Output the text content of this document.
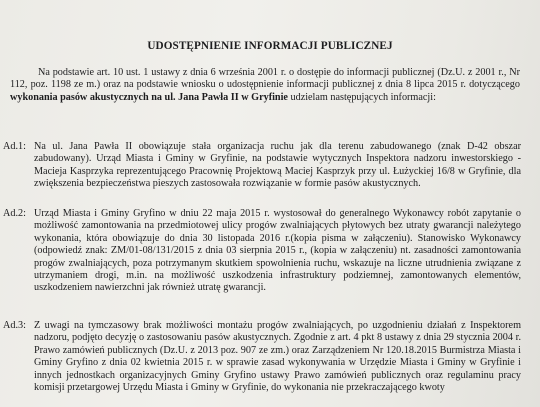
UDOSTĘPNIENIE INFORMACJI PUBLICZNEJ
Na podstawie art. 10 ust. 1 ustawy z dnia 6 września 2001 r. o dostępie do informacji publicznej (Dz.U. z 2001 r., Nr 112, poz. 1198 ze m.) oraz na podstawie wniosku o udostępnienie informacji publicznej z dnia 8 lipca 2015 r. dotyczącego wykonania pasów akustycznych na ul. Jana Pawła II w Gryfinie udzielam następujących informacji:
Ad.1: Na ul. Jana Pawła II obowiązuje stała organizacja ruchu jak dla terenu zabudowanego (znak D-42 obszar zabudowany). Urząd Miasta i Gminy w Gryfinie, na podstawie wytycznych Inspektora nadzoru inwestorskiego - Macieja Kasprzyka reprezentującego Pracownię Projektową Maciej Kasprzyk przy ul. Łużyckiej 16/8 w Gryfinie, dla zwiększenia bezpieczeństwa pieszych zastosowała rozwiązanie w formie pasów akustycznych.
Ad.2: Urząd Miasta i Gminy Gryfino w dniu 22 maja 2015 r. wystosował do generalnego Wykonawcy robót zapytanie o możliwość zamontowania na przedmiotowej ulicy progów zwalniających płytowych bez utraty gwarancji należytego wykonania, która obowiązuje do dnia 30 listopada 2016 r.(kopia pisma w załączeniu). Stanowisko Wykonawcy (odpowiedź znak: ZM/01-08/131/2015 z dnia 03 sierpnia 2015 r., (kopia w załączeniu) nt. zasadności zamontowania progów zwalniających, poza potrzymanym skutkiem spowolnienia ruchu, wskazuje na liczne utrudnienia związane z utrzymaniem drogi, m.in. na możliwość uszkodzenia infrastruktury podziemnej, zamontowanych elementów, uszkodzeniem nawierzchni jak również utratę gwarancji.
Ad.3: Z uwagi na tymczasowy brak możliwości montażu progów zwalniających, po uzgodnieniu działań z Inspektorem nadzoru, podjęto decyzję o zastosowaniu pasów akustycznych. Zgodnie z art. 4 pkt 8 ustawy z dnia 29 stycznia 2004 r. Prawo zamówień publicznych (Dz.U. z 2013 poz. 907 ze zm.) oraz Zarządzeniem Nr 120.18.2015 Burmistrza Miasta i Gminy Gryfino z dnia 02 kwietnia 2015 r. w sprawie zasad wykonywania w Urzędzie Miasta i Gminy w Gryfinie i innych jednostkach organizacyjnych Gminy Gryfino ustawy Prawo zamówień publicznych oraz regulaminu pracy komisji przetargowej Urzędu Miasta i Gminy w Gryfinie, do wykonania nie przekraczającego kwoty
